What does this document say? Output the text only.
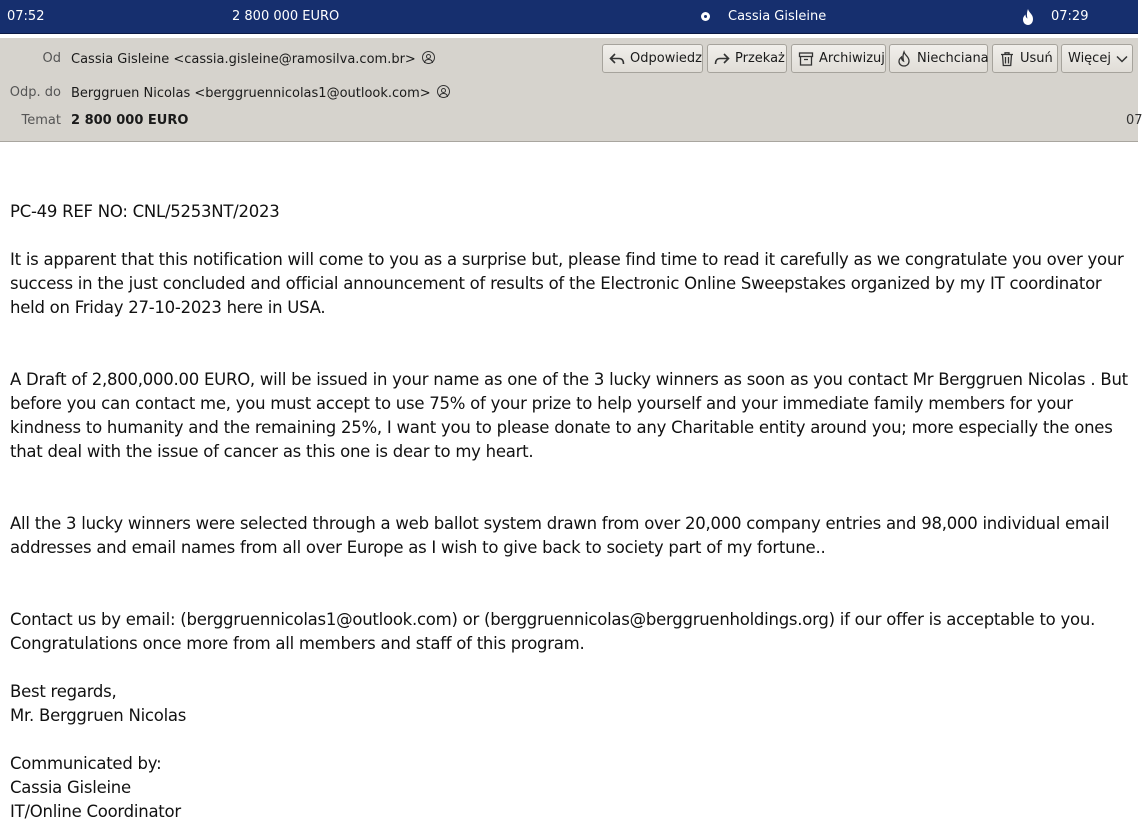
07:52	2 800 000 EURO	Cassia Gisleine	07:29
Od Cassia Gisleine <cassia.gisleine@ramosilva.com.br>
Odp. do Berggruen Nicolas <berggruennicolas1@outlook.com>
Temat 2 800 000 EURO	07
Odpowiedz	Przekaż	Archiwizuj Niechciana Usuń Więcej

PC-49 REF NO: CNL/5253NT/2023

It is apparent that this notification will come to you as a surprise but, please find time to read it carefully as we congratulate you over your

success in the just concluded and official announcement of results of the Electronic Online Sweepstakes organized by my IT coordinator

held on Friday 27-10-2023 here in USA.

A Draft of 2,800,000.00 EURO, will be issued in your name as one of the 3 lucky winners as soon as you contact Mr Berggruen Nicolas . But

before you can contact me, you must accept to use 75% of your prize to help yourself and your immediate family members for your

kindness to humanity and the remaining 25%, I want you to please donate to any Charitable entity around you; more especially the ones

that deal with the issue of cancer as this one is dear to my heart.

All the 3 lucky winners were selected through a web ballot system drawn from over 20,000 company entries and 98,000 individual email

addresses and email names from all over Europe as I wish to give back to society part of my fortune..

Contact us by email: (berggruennicolas1@outlook.com) or (berggruennicolas@berggruenholdings.org) if our offer is acceptable to you.

Congratulations once more from all members and staff of this program.

Best regards,

Mr. Berggruen Nicolas

Communicated by:

Cassia Gisleine

IT/Online Coordinator
